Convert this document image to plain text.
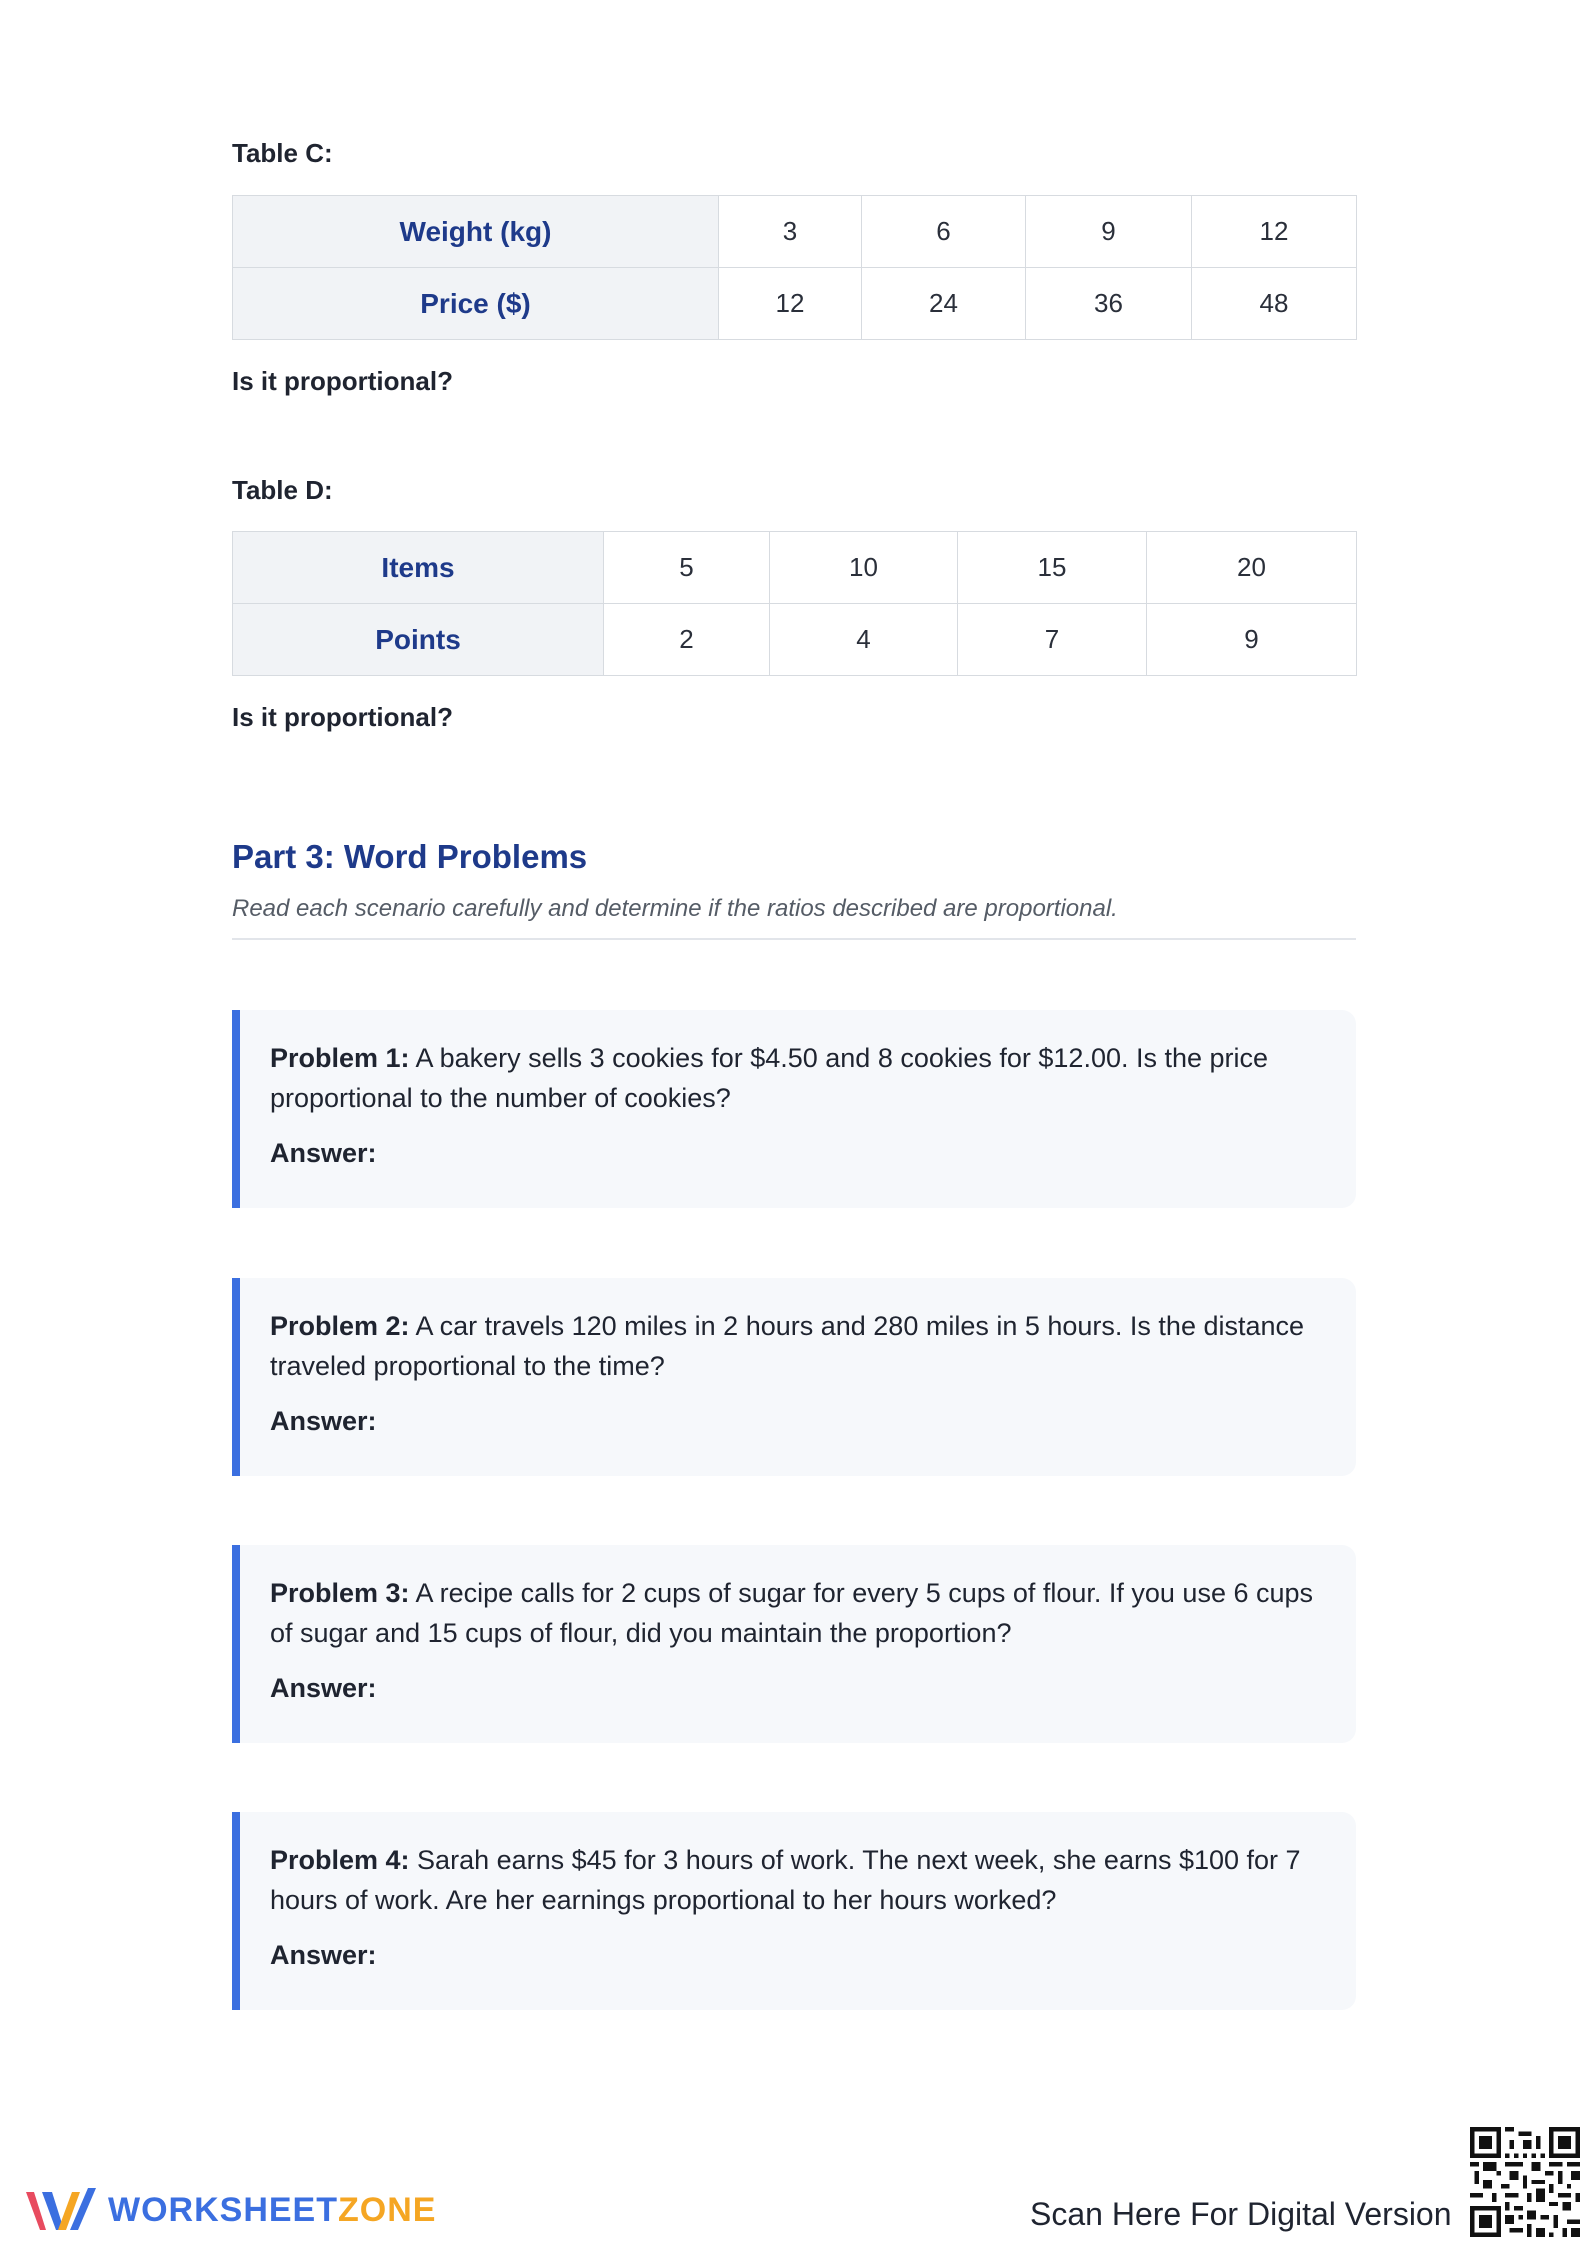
Table C:
Weight (kg)	3	6	9	12
Price ($)	12	24	36	48
Is it proportional?
Table D:
Items	5	10	15	20
Points	2	4	7	9
Is it proportional?
Part 3: Word Problems
Read each scenario carefully and determine if the ratios described are proportional.

Problem 1: A bakery sells 3 cookies for $4.50 and 8 cookies for $12.00. Is the price proportional to the number of cookies?

Answer:

Problem 2: A car travels 120 miles in 2 hours and 280 miles in 5 hours. Is the distance traveled proportional to the time?

Answer:

Problem 3: A recipe calls for 2 cups of sugar for every 5 cups of flour. If you use 6 cups of sugar and 15 cups of flour, did you maintain the proportion?

Answer:

Problem 4: Sarah earns $45 for 3 hours of work. The next week, she earns $100 for 7 hours of work. Are her earnings proportional to her hours worked?

Answer:
WORKSHEETZONE	Scan Here For Digital Version
